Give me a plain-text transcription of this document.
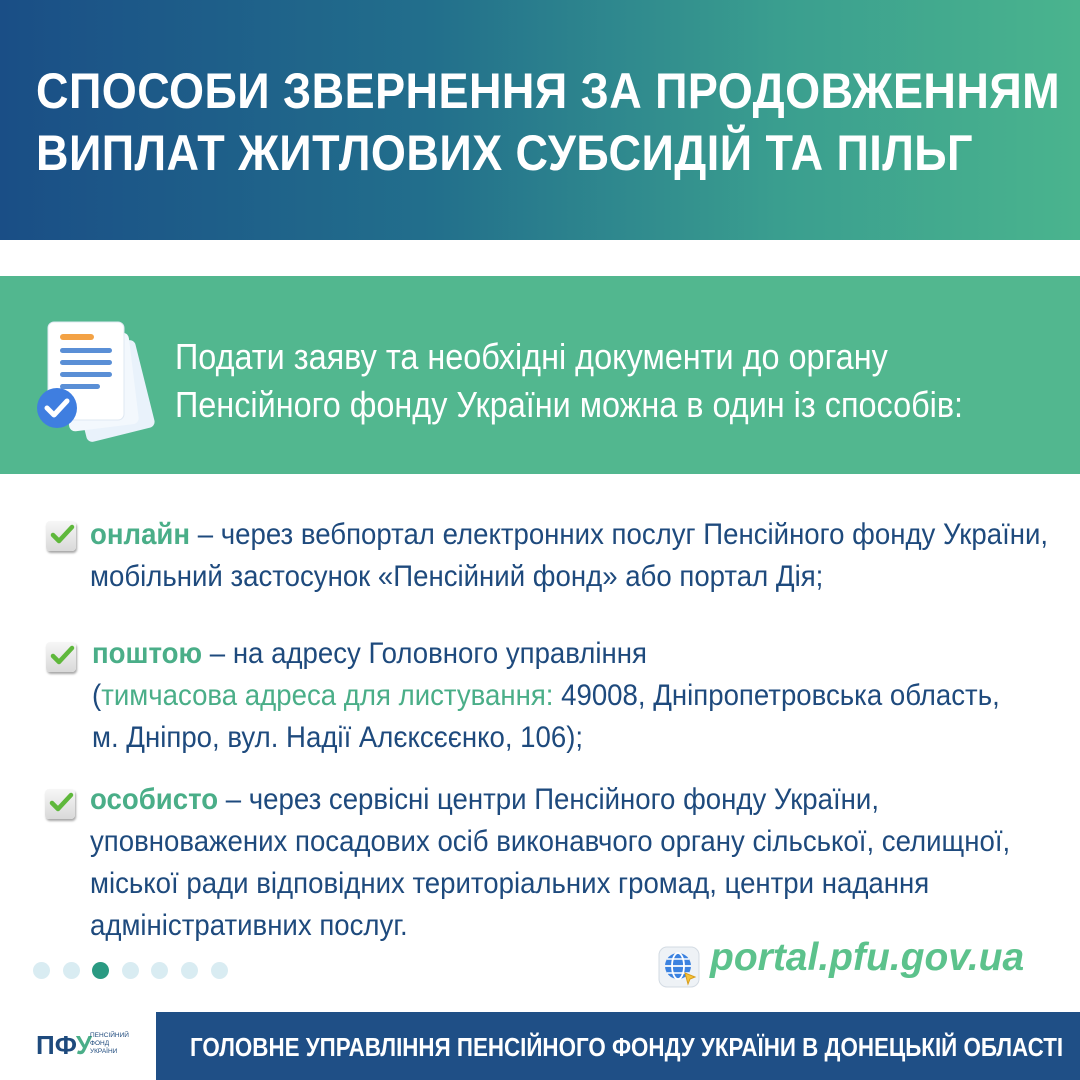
СПОСОБИ ЗВЕРНЕННЯ ЗА ПРОДОВЖЕННЯМ
ВИПЛАТ ЖИТЛОВИХ СУБСИДІЙ ТА ПІЛЬГ
Подати заяву та необхідні документи до органу
Пенсійного фонду України можна в один із способів:
онлайн – через вебпортал електронних послуг Пенсійного фонду України,
мобільний застосунок «Пенсійний фонд» або портал Дія;
поштою – на адресу Головного управління
(тимчасова адреса для листування: 49008, Дніпропетровська область,
м. Дніпро, вул. Надії Алєксєєнко, 106);
особисто – через сервісні центри Пенсійного фонду України,
уповноважених посадових осіб виконавчого органу сільської, селищної,
міської ради відповідних територіальних громад, центри надання
адміністративних послуг.
portal.pfu.gov.ua
ПФУ
ПЕНСІЙНИЙ
ФОНД
УКРАЇНИ	ГОЛОВНЕ УПРАВЛІННЯ ПЕНСІЙНОГО ФОНДУ УКРАЇНИ В ДОНЕЦЬКІЙ ОБЛАСТІ
